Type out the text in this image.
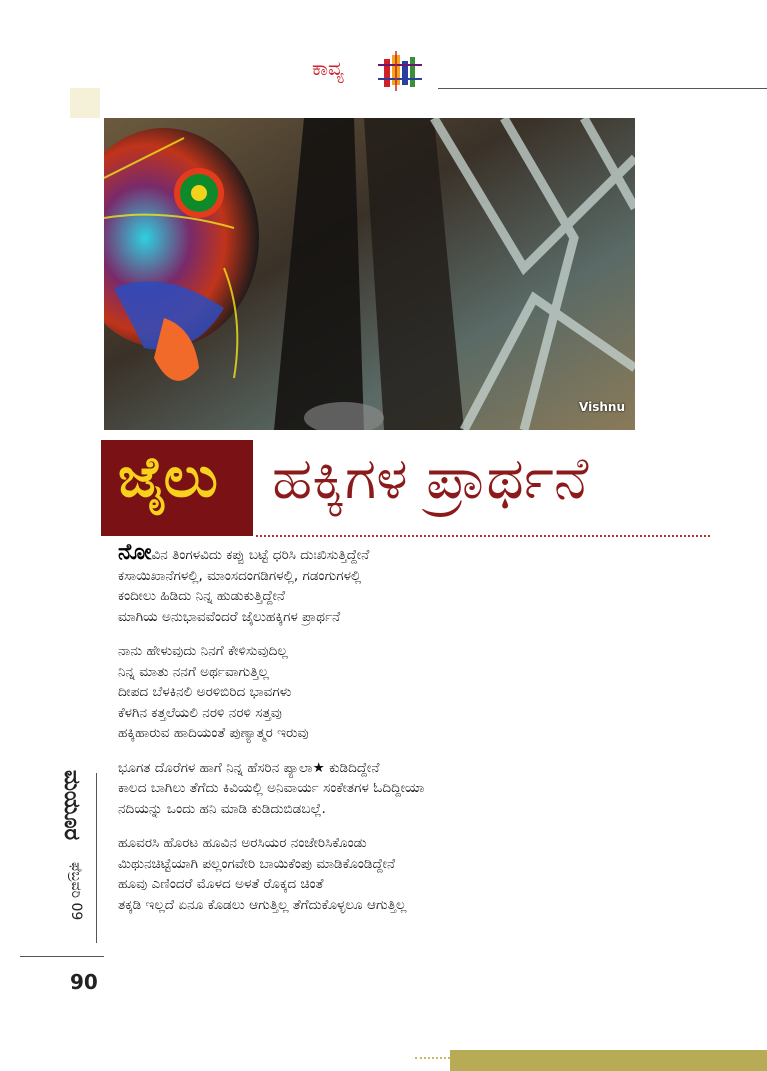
ಕಾವ್ಯ
Vishnu
ಜೈಲು ಹಕ್ಕಿಗಳ ಪ್ರಾರ್ಥನೆ
ನೋವಿನ ತಿಂಗಳವಿದು ಕಪ್ಪು ಬಟ್ಟೆ ಧರಿಸಿ ದುಃಖಿಸುತ್ತಿದ್ದೇನೆ
ಕಸಾಯಿಖಾನೆಗಳಲ್ಲಿ, ಮಾಂಸದಂಗಡಿಗಳಲ್ಲಿ, ಗಡಂಗುಗಳಲ್ಲಿ
ಕಂದೀಲು ಹಿಡಿದು ನಿನ್ನ ಹುಡುಕುತ್ತಿದ್ದೇನೆ
ಮಾಗಿಯ ಅನುಭಾವವೆಂದರೆ ಜೈಲುಹಕ್ಕಿಗಳ ಪ್ರಾರ್ಥನೆ
ನಾನು ಹೇಳುವುದು ನಿನಗೆ ಕೇಳಿಸುವುದಿಲ್ಲ
ನಿನ್ನ ಮಾತು ನನಗೆ ಅರ್ಥವಾಗುತ್ತಿಲ್ಲ
ದೀಪದ ಬೆಳಕಿನಲಿ ಅರಳಿಬಿರಿದ ಭಾವಗಳು
ಕೆಳಗಿನ ಕತ್ತಲೆಯಲಿ ನರಳಿ ನರಳಿ ಸತ್ತವು
ಹಕ್ಕಿಹಾರುವ ಹಾದಿಯಂತೆ ಪುಣ್ಯಾತ್ಮರ ಇರುವು
ಭೂಗತ ದೊರೆಗಳ ಹಾಗೆ ನಿನ್ನ ಹೆಸರಿನ ಪ್ಯಾಲಾ★ ಕುಡಿದಿದ್ದೇನೆ
ಕಾಲದ ಬಾಗಿಲು ತೆಗೆದು ಕಿವಿಯಲ್ಲಿ ಅನಿವಾರ್ಯ ಸಂಕೇತಗಳ ಓದಿದ್ದೀಯಾ
ನದಿಯನ್ನು ಒಂದು ಹನಿ ಮಾಡಿ ಕುಡಿದುಬಿಡಬಲ್ಲೆ.
ಹೂವರಸಿ ಹೊರಟ ಹೂವಿನ ಅರಸಿಯರ ನಂಜೇರಿಸಿಕೊಂಡು
ಮಿಥುನಚಿಟ್ಟೆಯಾಗಿ ಪಲ್ಲಂಗವೇರಿ ಬಾಯಿಕೆಂಪು ಮಾಡಿಕೊಂಡಿದ್ದೇನೆ
ಹೂವು ಎಣಿಂದರೆ ಮೊಳದ ಅಳತೆ ರೊಕ್ಕದ ಚಿಂತೆ
ತಕ್ಕಡಿ ಇಲ್ಲದೆ ಏನೂ ಕೊಡಲು ಆಗುತ್ತಿಲ್ಲ ತೆಗೆದುಕೊಳ್ಳಲೂ ಆಗುತ್ತಿಲ್ಲ
ಮಯೂರ
ಫೆಬ್ರವರಿ 09
90
